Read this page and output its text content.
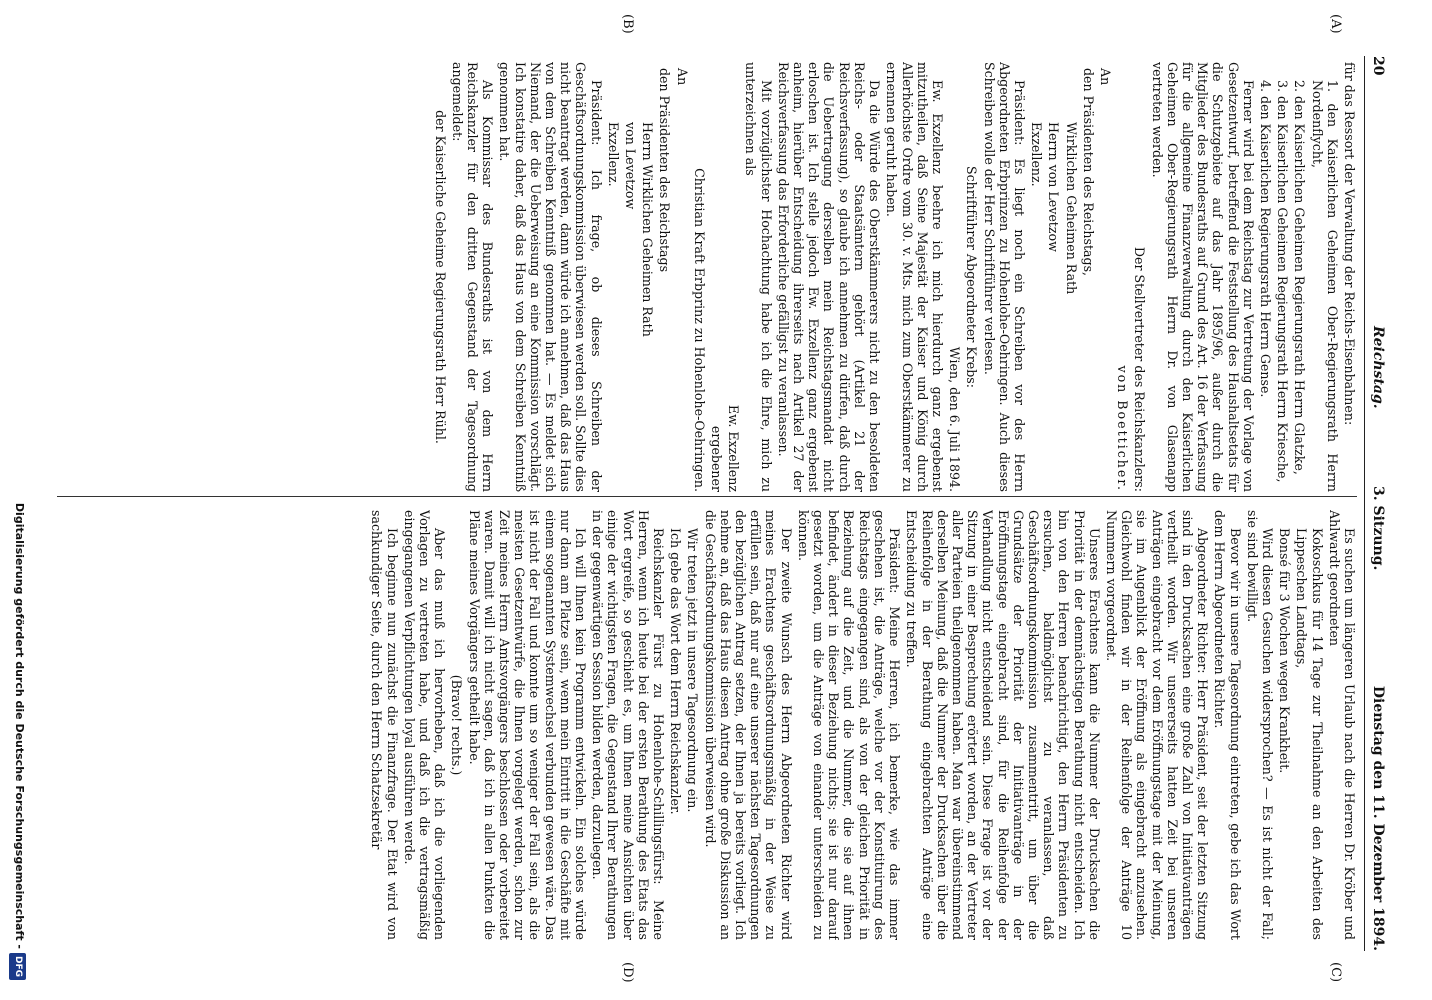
20
Reichstag.
3. Sitzung.
Dienstag den 11. Dezember 1894.
(A)
(B)
(C)
(D)

für das Ressort der Verwaltung der Reichs-Eisenbahnen:

1. den Kaiserlichen Geheimen Ober-Regierungsrath Herrn Nordenflycht,

2. den Kaiserlichen Geheimen Regierungsrath Herrn Glatzke,

3. den Kaiserlichen Geheimen Regierungsrath Herrn Kriesche,

4. den Kaiserlichen Regierungsrath Herrn Gense.

Ferner wird bei dem Reichstag zur Vertretung der Vorlage von Gesetzentwurf, betreffend die Feststellung des Haushaltsetats für die Schutzgebiete auf das Jahr 1895/96, außer durch die Mitglieder des Bundesraths auf Grund des Art. 16 der Verfassung für die allgemeine Finanzverwaltung durch den Kaiserlichen Geheimen Ober-Regierungsrath Herrn Dr. von Glasenapp vertreten werden.

Der Stellvertreter des Reichskanzlers:

von Boetticher.

An

den Präsidenten des Reichstags,

Wirklichen Geheimen Rath

Herrn von Levetzow

Exzellenz.

Präsident: Es liegt noch ein Schreiben vor des Herrn Abgeordneten Erbprinzen zu Hohenlohe-Oehringen. Auch dieses Schreiben wolle der Herr Schriftführer verlesen.

Schriftführer Abgeordneter Krebs:

Wien, den 6. Juli 1894.

Ew. Exzellenz beehre ich mich hierdurch ganz ergebenst mitzutheilen, daß Seine Majestät der Kaiser und König durch Allerhöchste Ordre vom 30. v. Mts. mich zum Oberstkämmerer zu ernennen geruht haben.

Da die Würde des Oberstkämmerers nicht zu den besoldeten Reichs- oder Staatsämtern gehört (Artikel 21 der Reichsverfassung), so glaube ich annehmen zu dürfen, daß durch die Uebertragung derselben mein Reichstagsmandat nicht erloschen ist. Ich stelle jedoch Ew. Exzellenz ganz ergebenst anheim, hierüber Entscheidung ihrerseits nach Artikel 27 der Reichsverfassung das Erforderliche gefälligst zu veranlassen.

Mit vorzüglichster Hochachtung habe ich die Ehre, mich zu unterzeichnen als

Ew. Exzellenz

ergebener

Christian Kraft Erbprinz zu Hohenlohe-Oehringen.

An

den Präsidenten des Reichstags

Herrn Wirklichen Geheimen Rath

von Levetzow

Exzellenz.

Präsident: Ich frage, ob dieses Schreiben der Geschäftsordnungskommission überwiesen werden soll. Sollte dies nicht beantragt werden, dann würde ich annehmen, daß das Haus von dem Schreiben Kenntniß genommen hat. — Es meldet sich Niemand, der die Ueberweisung an eine Kommission vorschlägt. Ich konstatire daher, daß das Haus von dem Schreiben Kenntniß genommen hat.

Als Kommissar des Bundesraths ist von dem Herrn Reichskanzler für den dritten Gegenstand der Tagesordnung angemeldet:

der Kaiserliche Geheime Regierungsrath Herr Rühl.

Es suchen um längeren Urlaub nach die Herren Dr. Kröber und Ahlwardt geordneten

Kokoschkus für 14 Tage zur Theilnahme an den Arbeiten des Lippeschen Landtags,

Bonsé für 3 Wochen wegen Krankheit.

Wird diesen Gesuchen widersprochen? — Es ist nicht der Fall; sie sind bewilligt.

Bevor wir in unsere Tagesordnung eintreten, gebe ich das Wort dem Herrn Abgeordneten Richter.

Abgeordneter Richter: Herr Präsident, seit der letzten Sitzung sind in den Drucksachen eine große Zahl von Initiativanträgen vertheilt worden. Wir unsererseits hatten Zeit bei unseren Anträgen eingebracht vor dem Eröffnungstage mit der Meinung, sie im Augenblick der Eröffnung als eingebracht anzusehen. Gleichwohl finden wir in der Reihenfolge der Anträge 10 Nummern vorgeordnet.

Unseres Erachtens kann die Nummer der Drucksachen die Priorität in der demnächstigen Berathung nicht entscheiden. Ich bin von den Herren benachrichtigt, den Herrn Präsidenten zu ersuchen, baldmöglichst zu veranlassen, daß Geschäftsordnungskommission zusammentritt, um über die Grundsätze der Priorität der Initiativanträge in der Eröffnungstage eingebracht sind, für die Reihenfolge der Verhandlung nicht entscheidend sein. Diese Frage ist vor der Sitzung in einer Besprechung erörtert worden, an der Vertreter aller Parteien theilgenommen haben. Man war übereinstimmend derselben Meinung, daß die Nummer der Drucksachen über die Reihenfolge in der Berathung eingebrachten Anträge eine Entscheidung zu treffen.

Präsident: Meine Herren, ich bemerke, wie das immer geschehen ist, die Anträge, welche vor der Konstituirung des Reichstags eingegangen sind, als von der gleichen Priorität in Beziehung auf die Zeit, und die Nummer, die sie auf ihnen befindet, ändert in dieser Beziehung nichts; sie ist nur darauf gesetzt worden, um die Anträge von einander unterscheiden zu können.

Der zweite Wunsch des Herrn Abgeordneten Richter wird meines Erachtens geschäftsordnungsmäßig in der Weise zu erfüllen sein, daß nur auf eine unserer nächsten Tagesordnungen den bezüglichen Antrag setzen, der Ihnen ja bereits vorliegt. Ich nehme an, daß das Haus diesen Antrag ohne große Diskussion an die Geschäftsordnungskommission überweisen wird.

Wir treten jetzt in unsere Tagesordnung ein.

Ich gebe das Wort dem Herrn Reichskanzler.

Reichskanzler Fürst zu Hohenlohe-Schillingsfürst: Meine Herren, wenn ich heute bei der ersten Berathung des Etats das Wort ergreife, so geschieht es, um Ihnen meine Ansichten über einige der wichtigsten Fragen, die Gegenstand Ihrer Berathungen in der gegenwärtigen Session bilden werden, darzulegen.

Ich will Ihnen kein Programm entwickeln. Ein solches würde nur dann am Platze sein, wenn mein Eintritt in die Geschäfte mit einem sogenannten Systemwechsel verbunden gewesen wäre. Das ist nicht der Fall und konnte um so weniger der Fall sein, als die meisten Gesetzentwürfe, die Ihnen vorgelegt werden, schon zur Zeit meines Herrn Amtsvorgängers beschlossen oder vorbereitet waren. Damit will ich nicht sagen, daß ich in allen Punkten die Pläne meines Vorgängers getheilt habe.

(Bravo! rechts.)

Aber das muß ich hervorheben, daß ich die vorliegenden Vorlagen zu vertreten habe, und daß ich die vertragsmäßig eingegangenen Verpflichtungen loyal ausführen werde.

Ich beginne nun zunächst die Finanzfrage. Der Etat wird von sachkundiger Seite, durch den Herrn Schatzsekretär

Digitalisierung gefördert durch die Deutsche Forschungsgemeinschaft -DFG
